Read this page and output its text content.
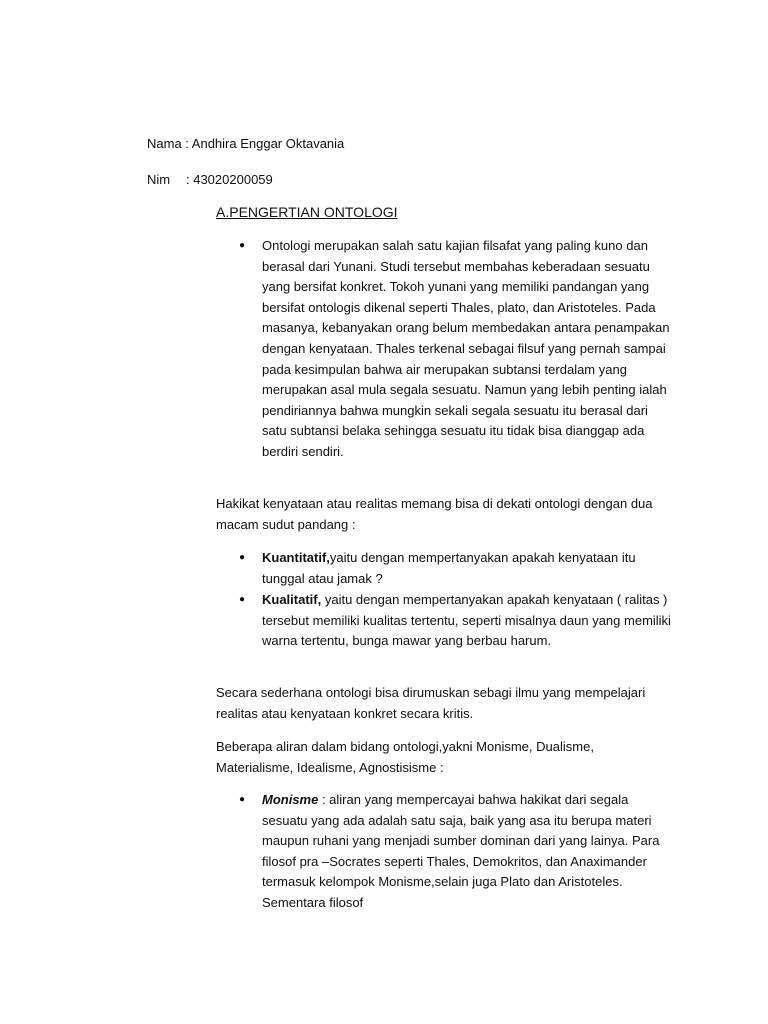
Nama : Andhira Enggar Oktavania
Nim : 43020200059
A.PENGERTIAN ONTOLOGI
● Ontologi merupakan salah satu kajian filsafat yang paling kuno dan berasal dari Yunani. Studi tersebut membahas keberadaan sesuatu yang bersifat konkret. Tokoh yunani yang memiliki pandangan yang bersifat ontologis dikenal seperti Thales, plato, dan Aristoteles. Pada masanya, kebanyakan orang belum membedakan antara penampakan dengan kenyataan. Thales terkenal sebagai filsuf yang pernah sampai pada kesimpulan bahwa air merupakan subtansi terdalam yang merupakan asal mula segala sesuatu. Namun yang lebih penting ialah pendiriannya bahwa mungkin sekali segala sesuatu itu berasal dari satu subtansi belaka sehingga sesuatu itu tidak bisa dianggap ada berdiri sendiri.
Hakikat kenyataan atau realitas memang bisa di dekati ontologi dengan dua macam sudut pandang :
● Kuantitatif,yaitu dengan mempertanyakan apakah kenyataan itu tunggal atau jamak ?
● Kualitatif, yaitu dengan mempertanyakan apakah kenyataan ( ralitas ) tersebut memiliki kualitas tertentu, seperti misalnya daun yang memiliki warna tertentu, bunga mawar yang berbau harum.
Secara sederhana ontologi bisa dirumuskan sebagi ilmu yang mempelajari realitas atau kenyataan konkret secara kritis.
Beberapa aliran dalam bidang ontologi,yakni Monisme, Dualisme, Materialisme, Idealisme, Agnostisisme :
● Monisme : aliran yang mempercayai bahwa hakikat dari segala sesuatu yang ada adalah satu saja, baik yang asa itu berupa materi maupun ruhani yang menjadi sumber dominan dari yang lainya. Para filosof pra –Socrates seperti Thales, Demokritos, dan Anaximander termasuk kelompok Monisme,selain juga Plato dan Aristoteles. Sementara filosof
